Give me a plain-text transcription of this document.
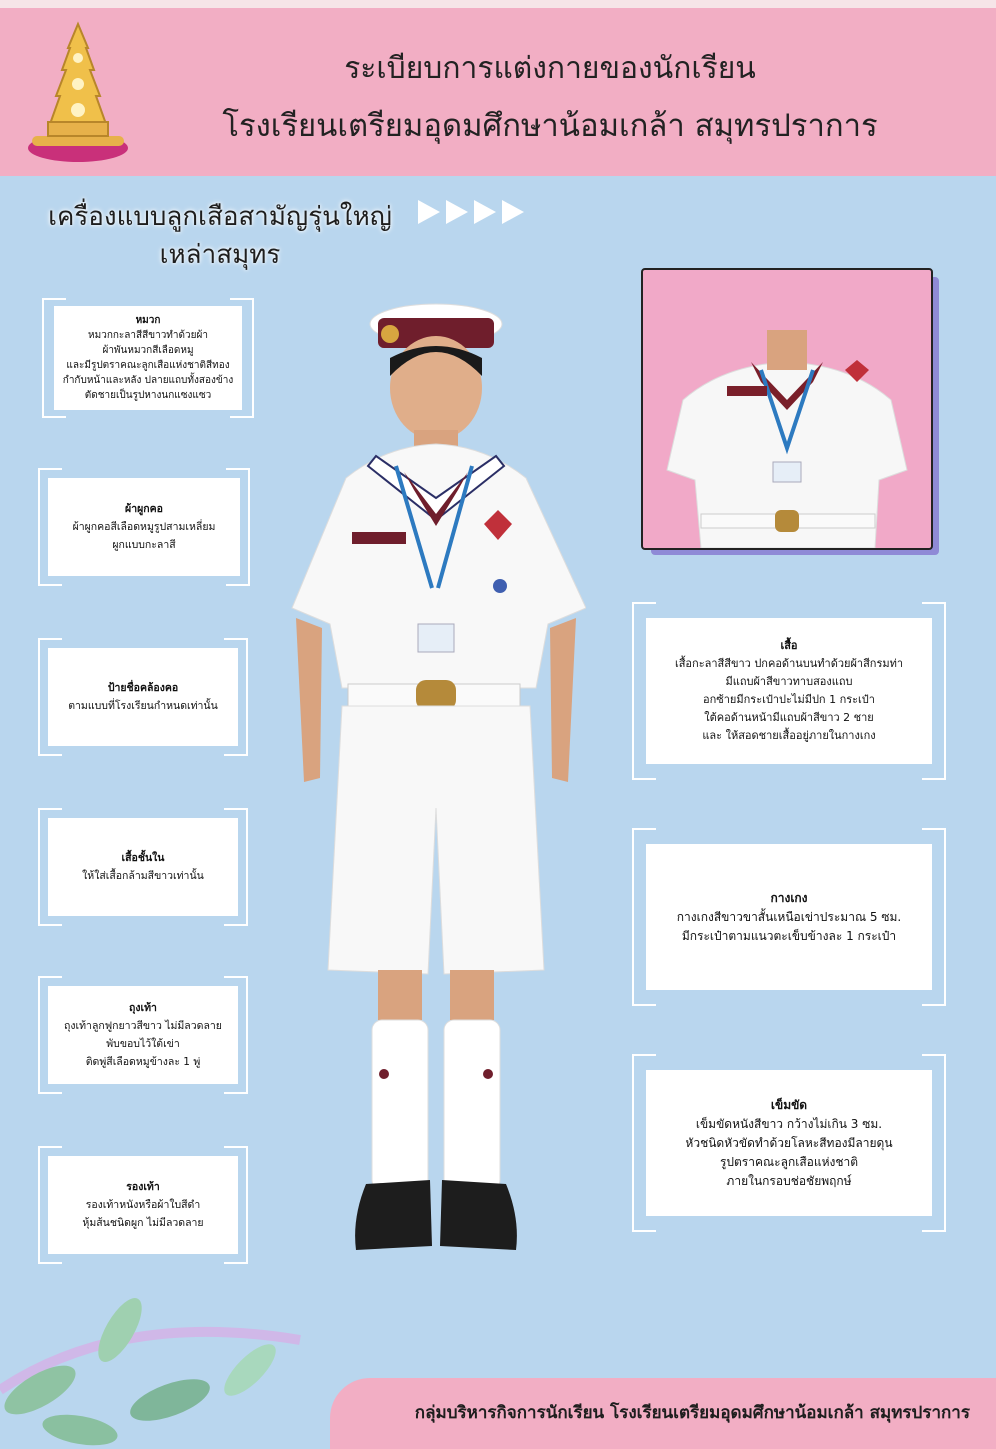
ระเบียบการแต่งกายของนักเรียน
โรงเรียนเตรียมอุดมศึกษาน้อมเกล้า สมุทรปราการ
เครื่องแบบลูกเสือสามัญรุ่นใหญ่
เหล่าสมุทร
หมวก
หมวกกะลาสีสีขาวทำด้วยผ้า
ผ้าพันหมวกสีเลือดหมู
และมีรูปตราคณะลูกเสือแห่งชาติสีทอง
กำกับหน้าและหลัง ปลายแถบทั้งสองข้าง
ตัดชายเป็นรูปหางนกแซงแซว
ผ้าผูกคอ
ผ้าผูกคอสีเลือดหมูรูปสามเหลี่ยม
ผูกแบบกะลาสี
ป้ายชื่อคล้องคอ
ตามแบบที่โรงเรียนกำหนดเท่านั้น
เสื้อชั้นใน
ให้ใส่เสื้อกล้ามสีขาวเท่านั้น
ถุงเท้า
ถุงเท้าลูกฟูกยาวสีขาว ไม่มีลวดลาย
พับขอบไว้ใต้เข่า
ติดพู่สีเลือดหมูข้างละ 1 พู่
รองเท้า
รองเท้าหนังหรือผ้าใบสีดำ
หุ้มส้นชนิดผูก ไม่มีลวดลาย
เสื้อ
เสื้อกะลาสีสีขาว ปกคอด้านบนทำด้วยผ้าสีกรมท่า
มีแถบผ้าสีขาวทาบสองแถบ
อกซ้ายมีกระเป๋าปะไม่มีปก 1 กระเป๋า
ใต้คอด้านหน้ามีแถบผ้าสีขาว 2 ชาย
และ ให้สอดชายเสื้ออยู่ภายในกางเกง
กางเกง
กางเกงสีขาวขาสั้นเหนือเข่าประมาณ 5 ซม.
มีกระเป๋าตามแนวตะเข็บข้างละ 1 กระเป๋า
เข็มขัด
เข็มขัดหนังสีขาว กว้างไม่เกิน 3 ซม.
หัวชนิดหัวขัดทำด้วยโลหะสีทองมีลายดุน
รูปตราคณะลูกเสือแห่งชาติ
ภายในกรอบช่อชัยพฤกษ์
กลุ่มบริหารกิจการนักเรียน โรงเรียนเตรียมอุดมศึกษาน้อมเกล้า สมุทรปราการ
